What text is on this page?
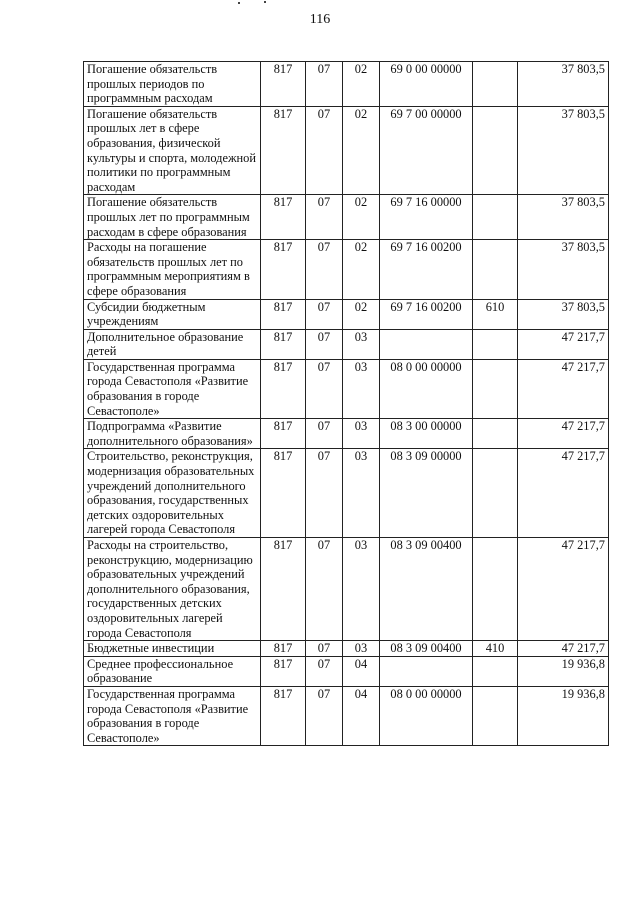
116
Погашение обязательств прошлых периодов по программным расходам	817	07	02	69 0 00 00000		37 803,5
Погашение обязательств прошлых лет в сфере образования, физической культуры и спорта, молодежной политики по программным расходам	817	07	02	69 7 00 00000		37 803,5
Погашение обязательств прошлых лет по программным расходам в сфере образования	817	07	02	69 7 16 00000		37 803,5
Расходы на погашение обязательств прошлых лет по программным мероприятиям в сфере образования	817	07	02	69 7 16 00200		37 803,5
Субсидии бюджетным учреждениям	817	07	02	69 7 16 00200	610	37 803,5
Дополнительное образование детей	817	07	03			47 217,7
Государственная программа города Севастополя «Развитие образования в городе Севастополе»	817	07	03	08 0 00 00000		47 217,7
Подпрограмма «Развитие дополнительного образования»	817	07	03	08 3 00 00000		47 217,7
Строительство, реконструкция, модернизация образовательных учреждений дополнительного образования, государственных детских оздоровительных лагерей города Севастополя	817	07	03	08 3 09 00000		47 217,7
Расходы на строительство, реконструкцию, модернизацию образовательных учреждений дополнительного образования, государственных детских оздоровительных лагерей города Севастополя	817	07	03	08 3 09 00400		47 217,7
Бюджетные инвестиции	817	07	03	08 3 09 00400	410	47 217,7
Среднее профессиональное образование	817	07	04			19 936,8
Государственная программа города Севастополя «Развитие образования в городе Севастополе»	817	07	04	08 0 00 00000		19 936,8
